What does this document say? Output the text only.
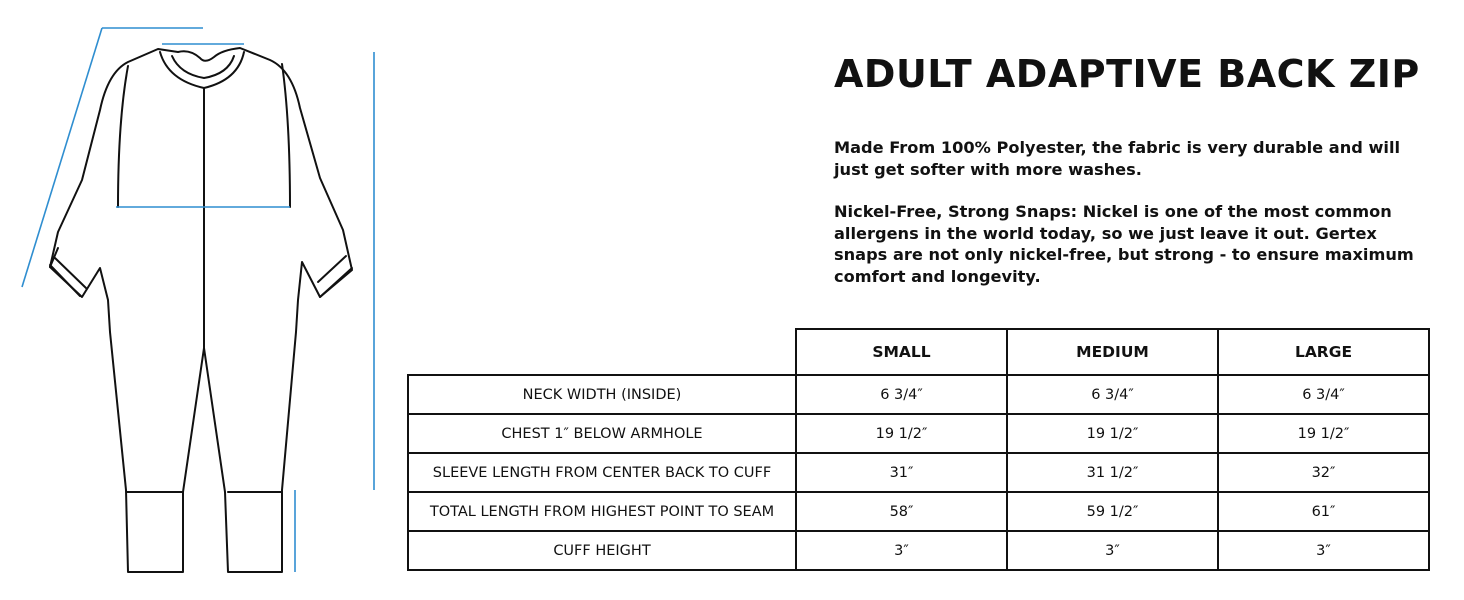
ADULT ADAPTIVE BACK ZIP

Made From 100% Polyester, the fabric is very durable and will just get softer with more washes.

Nickel-Free, Strong Snaps: Nickel is one of the most common allergens in the world today, so we just leave it out. Gertex snaps are not only nickel-free, but strong - to ensure maximum comfort and longevity.

	SMALL	MEDIUM	LARGE
NECK WIDTH (INSIDE)	6 3/4″	6 3/4″	6 3/4″
CHEST 1″ BELOW ARMHOLE	19 1/2″	19 1/2″	19 1/2″
SLEEVE LENGTH FROM CENTER BACK TO CUFF	31″	31 1/2″	32″
TOTAL LENGTH FROM HIGHEST POINT TO SEAM	58″	59 1/2″	61″
CUFF HEIGHT	3″	3″	3″
